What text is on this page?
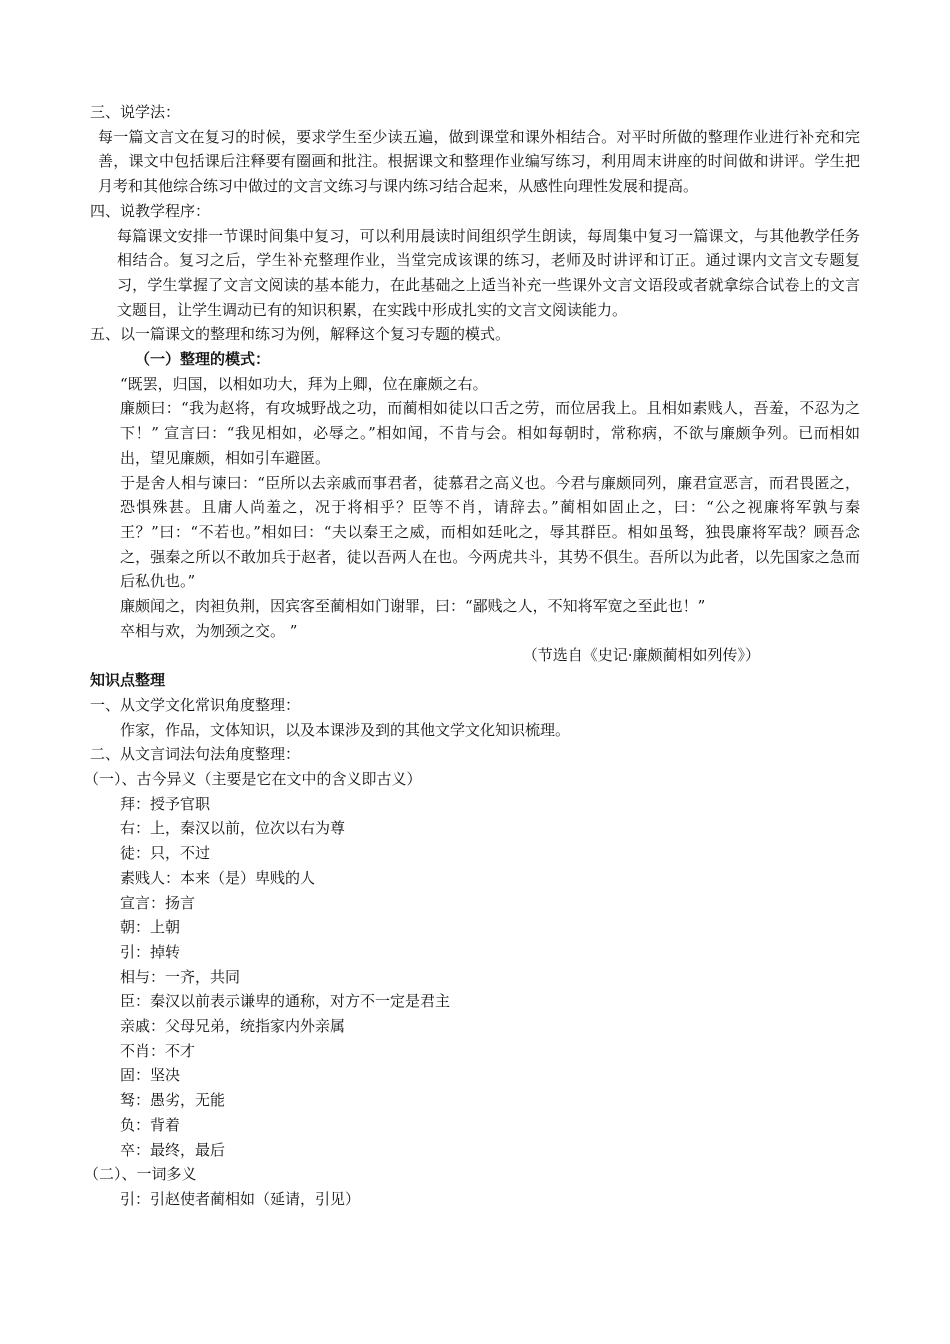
三、说学法：
每一篇文言文在复习的时候，要求学生至少读五遍，做到课堂和课外相结合。对平时所做的整理作业进行补充和完善，课文中包括课后注释要有圈画和批注。根据课文和整理作业编写练习，利用周末讲座的时间做和讲评。学生把月考和其他综合练习中做过的文言文练习与课内练习结合起来，从感性向理性发展和提高。
四、说教学程序：
每篇课文安排一节课时间集中复习，可以利用晨读时间组织学生朗读，每周集中复习一篇课文，与其他教学任务相结合。复习之后，学生补充整理作业，当堂完成该课的练习，老师及时讲评和订正。通过课内文言文专题复习，学生掌握了文言文阅读的基本能力，在此基础之上适当补充一些课外文言文语段或者就拿综合试卷上的文言文题目，让学生调动已有的知识积累，在实践中形成扎实的文言文阅读能力。
五、以一篇课文的整理和练习为例，解释这个复习专题的模式。
（一）整理的模式：
“既罢，归国，以相如功大，拜为上卿，位在廉颇之右。
廉颇曰：“我为赵将，有攻城野战之功，而蔺相如徒以口舌之劳，而位居我上。且相如素贱人，吾羞，不忍为之下！” 宣言曰：“我见相如，必辱之。”相如闻，不肯与会。相如每朝时，常称病，不欲与廉颇争列。已而相如出，望见廉颇，相如引车避匿。
于是舍人相与谏曰：“臣所以去亲戚而事君者，徒慕君之高义也。今君与廉颇同列，廉君宣恶言，而君畏匿之，恐惧殊甚。且庸人尚羞之，况于将相乎？臣等不肖，请辞去。”蔺相如固止之，曰：“公之视廉将军孰与秦王？”曰：“不若也。”相如曰：“夫以秦王之威，而相如廷叱之，辱其群臣。相如虽驽，独畏廉将军哉？顾吾念之，强秦之所以不敢加兵于赵者，徒以吾两人在也。今两虎共斗，其势不俱生。吾所以为此者，以先国家之急而后私仇也。”
廉颇闻之，肉袒负荆，因宾客至蔺相如门谢罪，曰：“鄙贱之人，不知将军宽之至此也！”
卒相与欢，为刎颈之交。 ”
（节选自《史记·廉颇蔺相如列传》）
知识点整理
一、从文学文化常识角度整理：
作家，作品，文体知识，以及本课涉及到的其他文学文化知识梳理。
二、从文言词法句法角度整理：
（一）、古今异义（主要是它在文中的含义即古义）
拜：授予官职
右：上，秦汉以前，位次以右为尊
徒：只，不过
素贱人：本来（是）卑贱的人
宣言：扬言
朝：上朝
引：掉转
相与：一齐，共同
臣：秦汉以前表示谦卑的通称，对方不一定是君主
亲戚：父母兄弟，统指家内外亲属
不肖：不才
固：坚决
驽：愚劣，无能
负：背着
卒：最终，最后
（二）、一词多义
引：引赵使者蔺相如（延请，引见）
